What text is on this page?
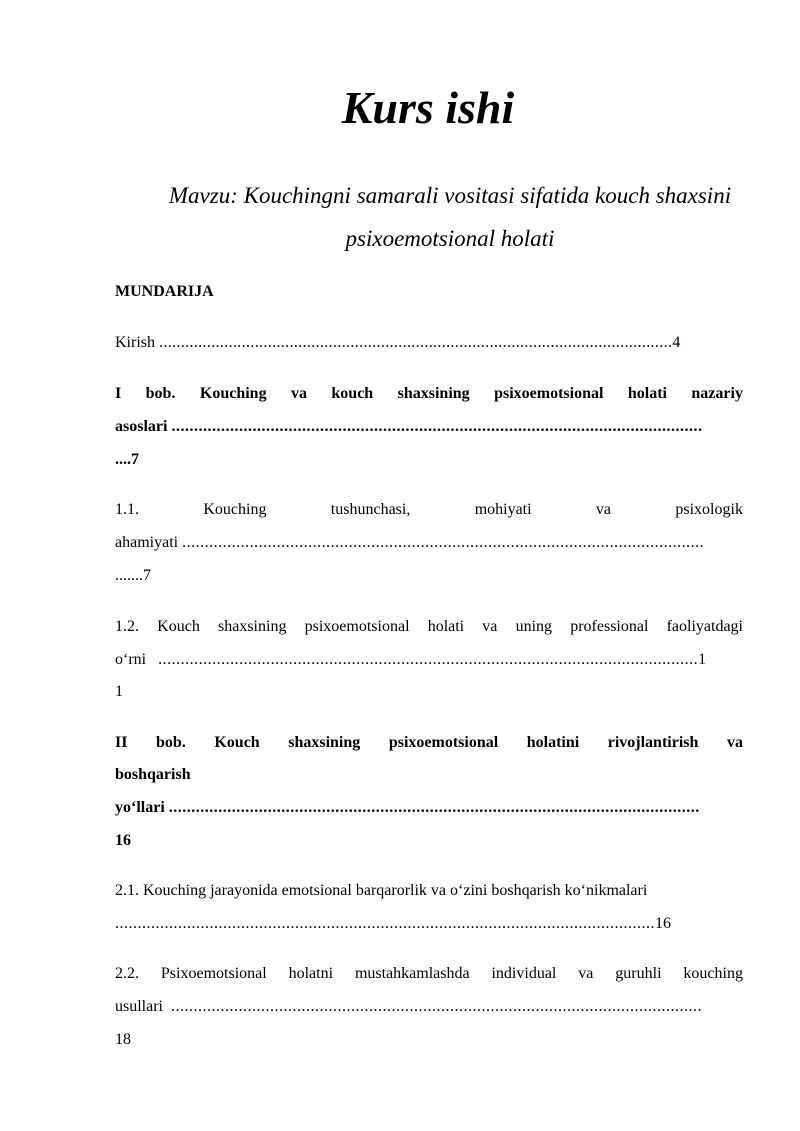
Kurs ishi
Mavzu: Kouchingni samarali vositasi sifatida kouch shaxsini
psixoemotsional holati
MUNDARIJA
Kirish ......................................................................................................................4
I bob. Kouching va kouch shaxsining psixoemotsional holati nazariy
asoslari ......................................................................................................................
....7
1.1.	Kouching	tushunchasi,	mohiyati	va	psixologik
ahamiyati ....................................................................................................................
.......7
1.2. Kouch shaxsining psixoemotsional holati va uning professional faoliyatdagi
o‘rni ........................................................................................................................1
1
II bob. Kouch shaxsining psixoemotsional holatini rivojlantirish va
boshqarish
yo‘llari ......................................................................................................................
16
2.1. Kouching jarayonida emotsional barqarorlik va o‘zini boshqarish ko‘nikmalari
........................................................................................................................16
2.2. Psixoemotsional holatni mustahkamlashda individual va guruhli kouching
usullari ......................................................................................................................
18
